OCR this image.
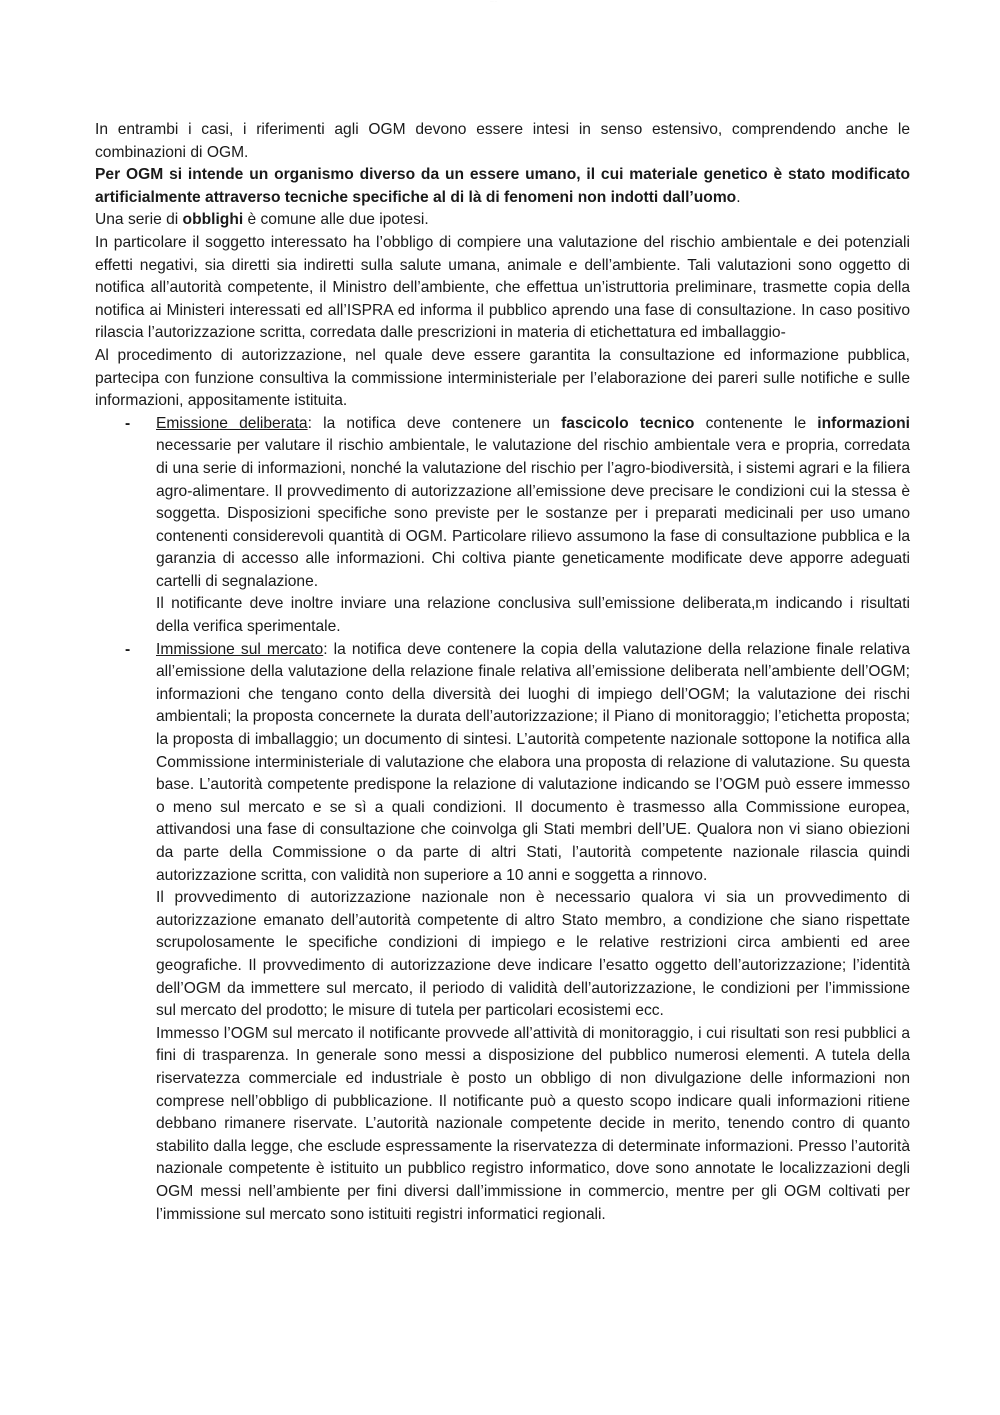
· · · · · ·

In entrambi i casi, i riferimenti agli OGM devono essere intesi in senso estensivo, comprendendo anche le combinazioni di OGM.

Per OGM si intende un organismo diverso da un essere umano, il cui materiale genetico è stato modificato artificialmente attraverso tecniche specifiche al di là di fenomeni non indotti dall’uomo.

Una serie di obblighi è comune alle due ipotesi.

In particolare il soggetto interessato ha l’obbligo di compiere una valutazione del rischio ambientale e dei potenziali effetti negativi, sia diretti sia indiretti sulla salute umana, animale e dell’ambiente. Tali valutazioni sono oggetto di notifica all’autorità competente, il Ministro dell’ambiente, che effettua un’istruttoria preliminare, trasmette copia della notifica ai Ministeri interessati ed all’ISPRA ed informa il pubblico aprendo una fase di consultazione. In caso positivo rilascia l’autorizzazione scritta, corredata dalle prescrizioni in materia di etichettatura ed imballaggio-

Al procedimento di autorizzazione, nel quale deve essere garantita la consultazione ed informazione pubblica, partecipa con funzione consultiva la commissione interministeriale per l’elaborazione dei pareri sulle notifiche e sulle informazioni, appositamente istituita.

- Emissione deliberata: la notifica deve contenere un fascicolo tecnico contenente le informazioni necessarie per valutare il rischio ambientale, le valutazione del rischio ambientale vera e propria, corredata di una serie di informazioni, nonché la valutazione del rischio per l’agro-biodiversità, i sistemi agrari e la filiera agro-alimentare. Il provvedimento di autorizzazione all’emissione deve precisare le condizioni cui la stessa è soggetta. Disposizioni specifiche sono previste per le sostanze per i preparati medicinali per uso umano contenenti considerevoli quantità di OGM. Particolare rilievo assumono la fase di consultazione pubblica e la garanzia di accesso alle informazioni. Chi coltiva piante geneticamente modificate deve apporre adeguati cartelli di segnalazione.

Il notificante deve inoltre inviare una relazione conclusiva sull’emissione deliberata,m indicando i risultati della verifica sperimentale.

- Immissione sul mercato: la notifica deve contenere la copia della valutazione della relazione finale relativa all’emissione della valutazione della relazione finale relativa all’emissione deliberata nell’ambiente dell’OGM; informazioni che tengano conto della diversità dei luoghi di impiego dell’OGM; la valutazione dei rischi ambientali; la proposta concernete la durata dell’autorizzazione; il Piano di monitoraggio; l’etichetta proposta; la proposta di imballaggio; un documento di sintesi. L’autorità competente nazionale sottopone la notifica alla Commissione interministeriale di valutazione che elabora una proposta di relazione di valutazione. Su questa base. L’autorità competente predispone la relazione di valutazione indicando se l’OGM può essere immesso o meno sul mercato e se sì a quali condizioni. Il documento è trasmesso alla Commissione europea, attivandosi una fase di consultazione che coinvolga gli Stati membri dell’UE. Qualora non vi siano obiezioni da parte della Commissione o da parte di altri Stati, l’autorità competente nazionale rilascia quindi autorizzazione scritta, con validità non superiore a 10 anni e soggetta a rinnovo.

Il provvedimento di autorizzazione nazionale non è necessario qualora vi sia un provvedimento di autorizzazione emanato dell’autorità competente di altro Stato membro, a condizione che siano rispettate scrupolosamente le specifiche condizioni di impiego e le relative restrizioni circa ambienti ed aree geografiche. Il provvedimento di autorizzazione deve indicare l’esatto oggetto dell’autorizzazione; l’identità dell’OGM da immettere sul mercato, il periodo di validità dell’autorizzazione, le condizioni per l’immissione sul mercato del prodotto; le misure di tutela per particolari ecosistemi ecc.

Immesso l’OGM sul mercato il notificante provvede all’attività di monitoraggio, i cui risultati son resi pubblici a fini di trasparenza. In generale sono messi a disposizione del pubblico numerosi elementi. A tutela della riservatezza commerciale ed industriale è posto un obbligo di non divulgazione delle informazioni non comprese nell’obbligo di pubblicazione. Il notificante può a questo scopo indicare quali informazioni ritiene debbano rimanere riservate. L’autorità nazionale competente decide in merito, tenendo contro di quanto stabilito dalla legge, che esclude espressamente la riservatezza di determinate informazioni. Presso l’autorità nazionale competente è istituito un pubblico registro informatico, dove sono annotate le localizzazioni degli OGM messi nell’ambiente per fini diversi dall’immissione in commercio, mentre per gli OGM coltivati per l’immissione sul mercato sono istituiti registri informatici regionali.
